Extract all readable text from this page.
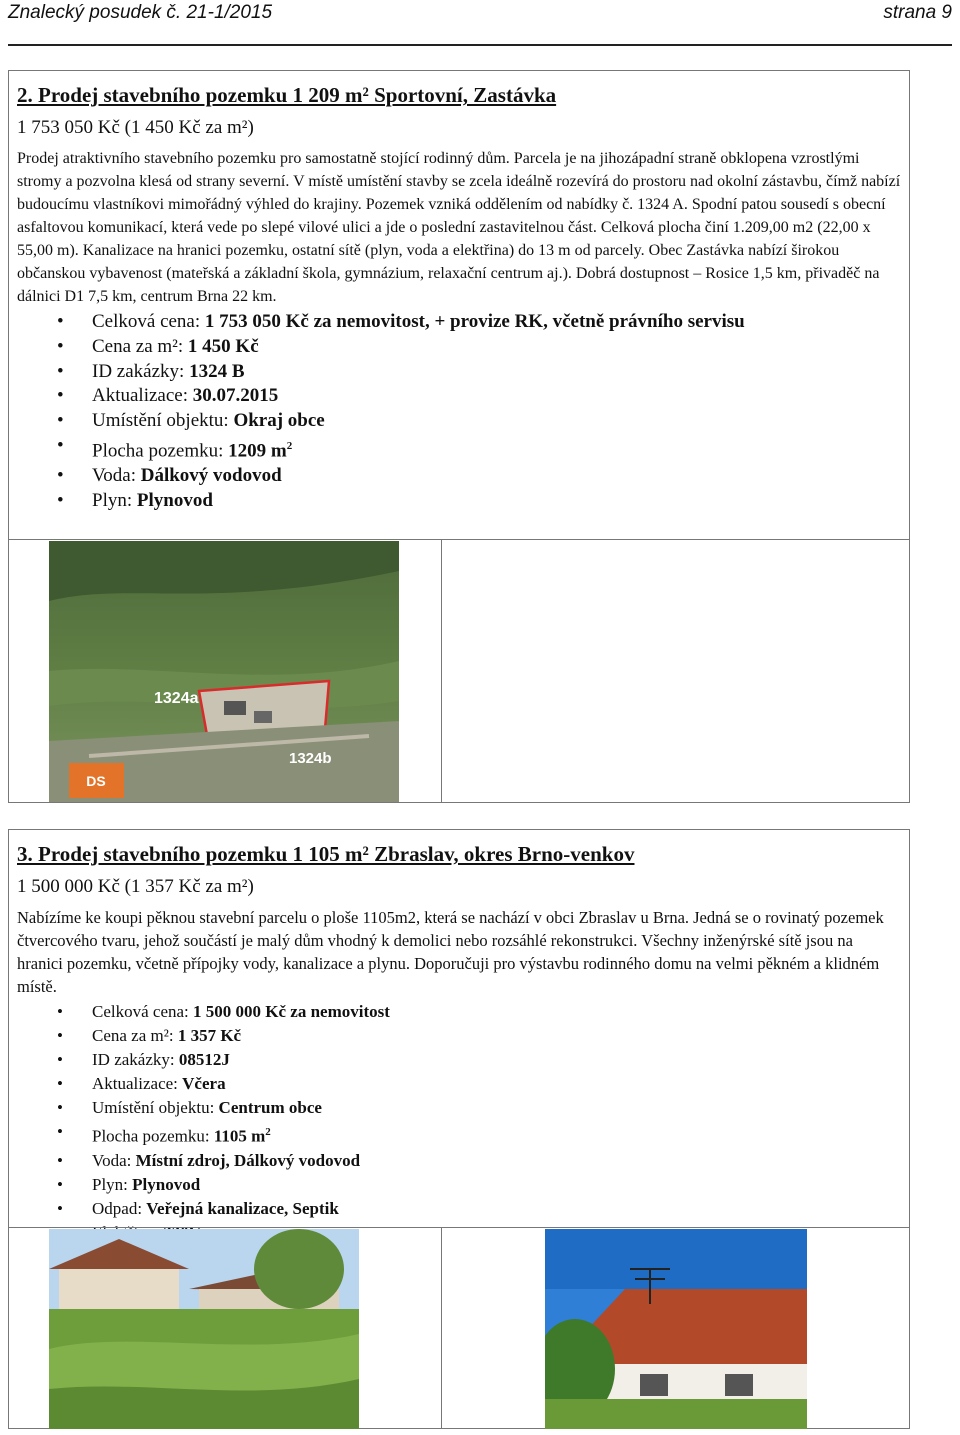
Znalecký posudek č. 21-1/2015	strana 9

2. Prodej stavebního pozemku 1 209 m² Sportovní, Zastávka

1 753 050 Kč (1 450 Kč za m²)

Prodej atraktivního stavebního pozemku pro samostatně stojící rodinný dům. Parcela je na jihozápadní straně obklopena vzrostlými stromy a pozvolna klesá od strany severní. V místě umístění stavby se zcela ideálně rozevírá do prostoru nad okolní zástavbu, čímž nabízí budoucímu vlastníkovi mimořádný výhled do krajiny. Pozemek vzniká oddělením od nabídky č. 1324 A. Spodní patou sousedí s obecní asfaltovou komunikací, která vede po slepé vilové ulici a jde o poslední zastavitelnou část. Celková plocha činí 1.209,00 m2 (22,00 x 55,00 m). Kanalizace na hranici pozemku, ostatní sítě (plyn, voda a elektřina) do 13 m od parcely. Obec Zastávka nabízí širokou občanskou vybavenost (mateřská a základní škola, gymnázium, relaxační centrum aj.). Dobrá dostupnost – Rosice 1,5 km, přivaděč na dálnici D1 7,5 km, centrum Brna 22 km.

• Celková cena: 1 753 050 Kč za nemovitost, + provize RK, včetně právního servisu
• Cena za m²: 1 450 Kč
• ID zakázky: 1324 B
• Aktualizace: 30.07.2015
• Umístění objektu: Okraj obce
• Plocha pozemku: 1209 $m^2$
• Voda: Dálkový vodovod
• Plyn: Plynovod
DS
1324a
1324b

3. Prodej stavebního pozemku 1 105 m² Zbraslav, okres Brno-venkov

1 500 000 Kč (1 357 Kč za m²)

Nabízíme ke koupi pěknou stavební parcelu o ploše 1105m2, která se nachází v obci Zbraslav u Brna. Jedná se o rovinatý pozemek čtvercového tvaru, jehož součástí je malý dům vhodný k demolici nebo rozsáhlé rekonstrukci. Všechny inženýrské sítě jsou na hranici pozemku, včetně přípojky vody, kanalizace a plynu. Doporučuji pro výstavbu rodinného domu na velmi pěkném a klidném místě.

• Celková cena: 1 500 000 Kč za nemovitost
• Cena za m²: 1 357 Kč
• ID zakázky: 08512J
• Aktualizace: Včera
• Umístění objektu: Centrum obce
• Plocha pozemku: 1105 $m^2$
• Voda: Místní zdroj, Dálkový vodovod
• Plyn: Plynovod
• Odpad: Veřejná kanalizace, Septik
•
